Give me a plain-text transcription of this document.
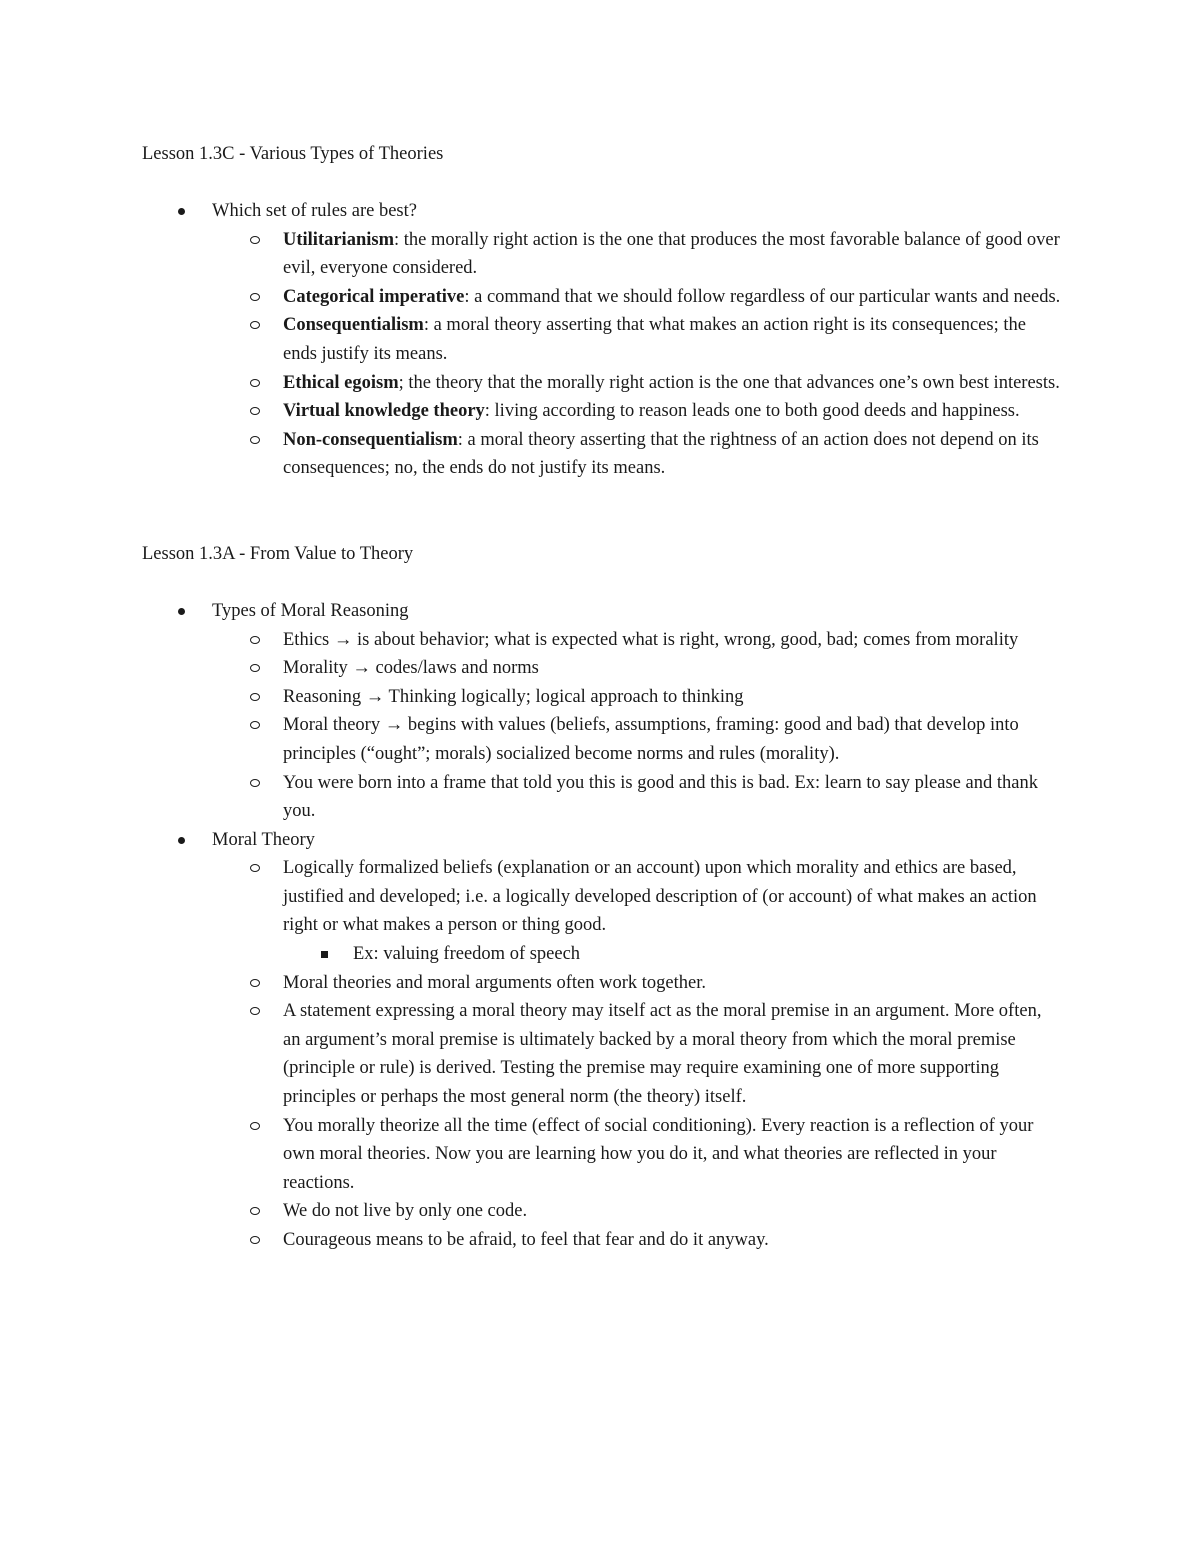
Lesson 1.3C - Various Types of Theories

Which set of rules are best?
Utilitarianism: the morally right action is the one that produces the most favorable balance of good over evil, everyone considered.
Categorical imperative: a command that we should follow regardless of our particular wants and needs.
Consequentialism: a moral theory asserting that what makes an action right is its consequences; the ends justify its means.
Ethical egoism; the theory that the morally right action is the one that advances one’s own best interests.
Virtual knowledge theory: living according to reason leads one to both good deeds and happiness.
Non-consequentialism: a moral theory asserting that the rightness of an action does not depend on its consequences; no, the ends do not justify its means.

Lesson 1.3A - From Value to Theory

Types of Moral Reasoning
Ethics → is about behavior; what is expected what is right, wrong, good, bad; comes from morality
Morality → codes/laws and norms
Reasoning → Thinking logically; logical approach to thinking
Moral theory → begins with values (beliefs, assumptions, framing: good and bad) that develop into principles (“ought”; morals) socialized become norms and rules (morality).
You were born into a frame that told you this is good and this is bad. Ex: learn to say please and thank you.
Moral Theory
Logically formalized beliefs (explanation or an account) upon which morality and ethics are based, justified and developed; i.e. a logically developed description of (or account) of what makes an action right or what makes a person or thing good.
Ex: valuing freedom of speech
Moral theories and moral arguments often work together.
A statement expressing a moral theory may itself act as the moral premise in an argument. More often, an argument’s moral premise is ultimately backed by a moral theory from which the moral premise (principle or rule) is derived. Testing the premise may require examining one of more supporting principles or perhaps the most general norm (the theory) itself.
You morally theorize all the time (effect of social conditioning). Every reaction is a reflection of your own moral theories. Now you are learning how you do it, and what theories are reflected in your reactions.
We do not live by only one code.
Courageous means to be afraid, to feel that fear and do it anyway.
